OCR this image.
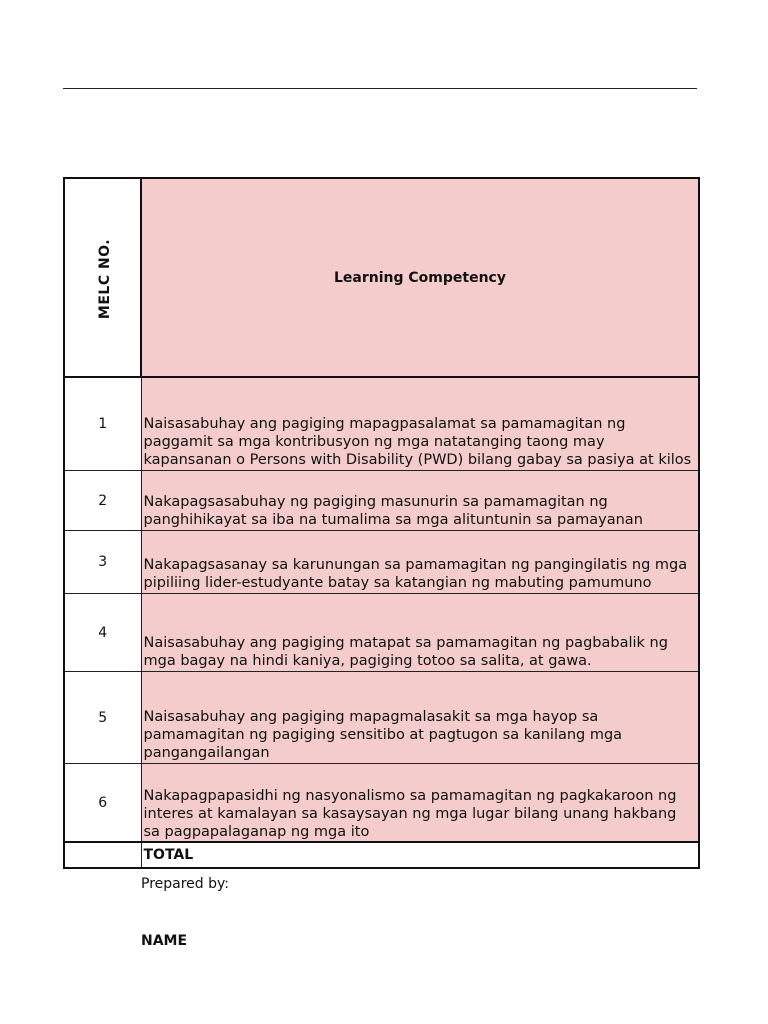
MELC NO.	Learning Competency
1	Naisasabuhay ang pagiging mapagpasalamat sa pamamagitan ng paggamit sa mga kontribusyon ng mga natatanging taong may kapansanan o Persons with Disability (PWD) bilang gabay sa pasiya at kilos
2	Nakapagsasabuhay ng pagiging masunurin sa pamamagitan ng panghihikayat sa iba na tumalima sa mga alituntunin sa pamayanan
3	Nakapagsasanay sa karunungan sa pamamagitan ng pangingilatis ng mga pipiliing lider-estudyante batay sa katangian ng mabuting pamumuno
4	Naisasabuhay ang pagiging matapat sa pamamagitan ng pagbabalik ng mga bagay na hindi kaniya, pagiging totoo sa salita, at gawa.
5	Naisasabuhay ang pagiging mapagmalasakit sa mga hayop sa pamamagitan ng pagiging sensitibo at pagtugon sa kanilang mga pangangailangan
6	Nakapagpapasidhi ng nasyonalismo sa pamamagitan ng pagkakaroon ng interes at kamalayan sa kasaysayan ng mga lugar bilang unang hakbang sa pagpapalaganap ng mga ito
	TOTAL
Prepared by:
NAME
